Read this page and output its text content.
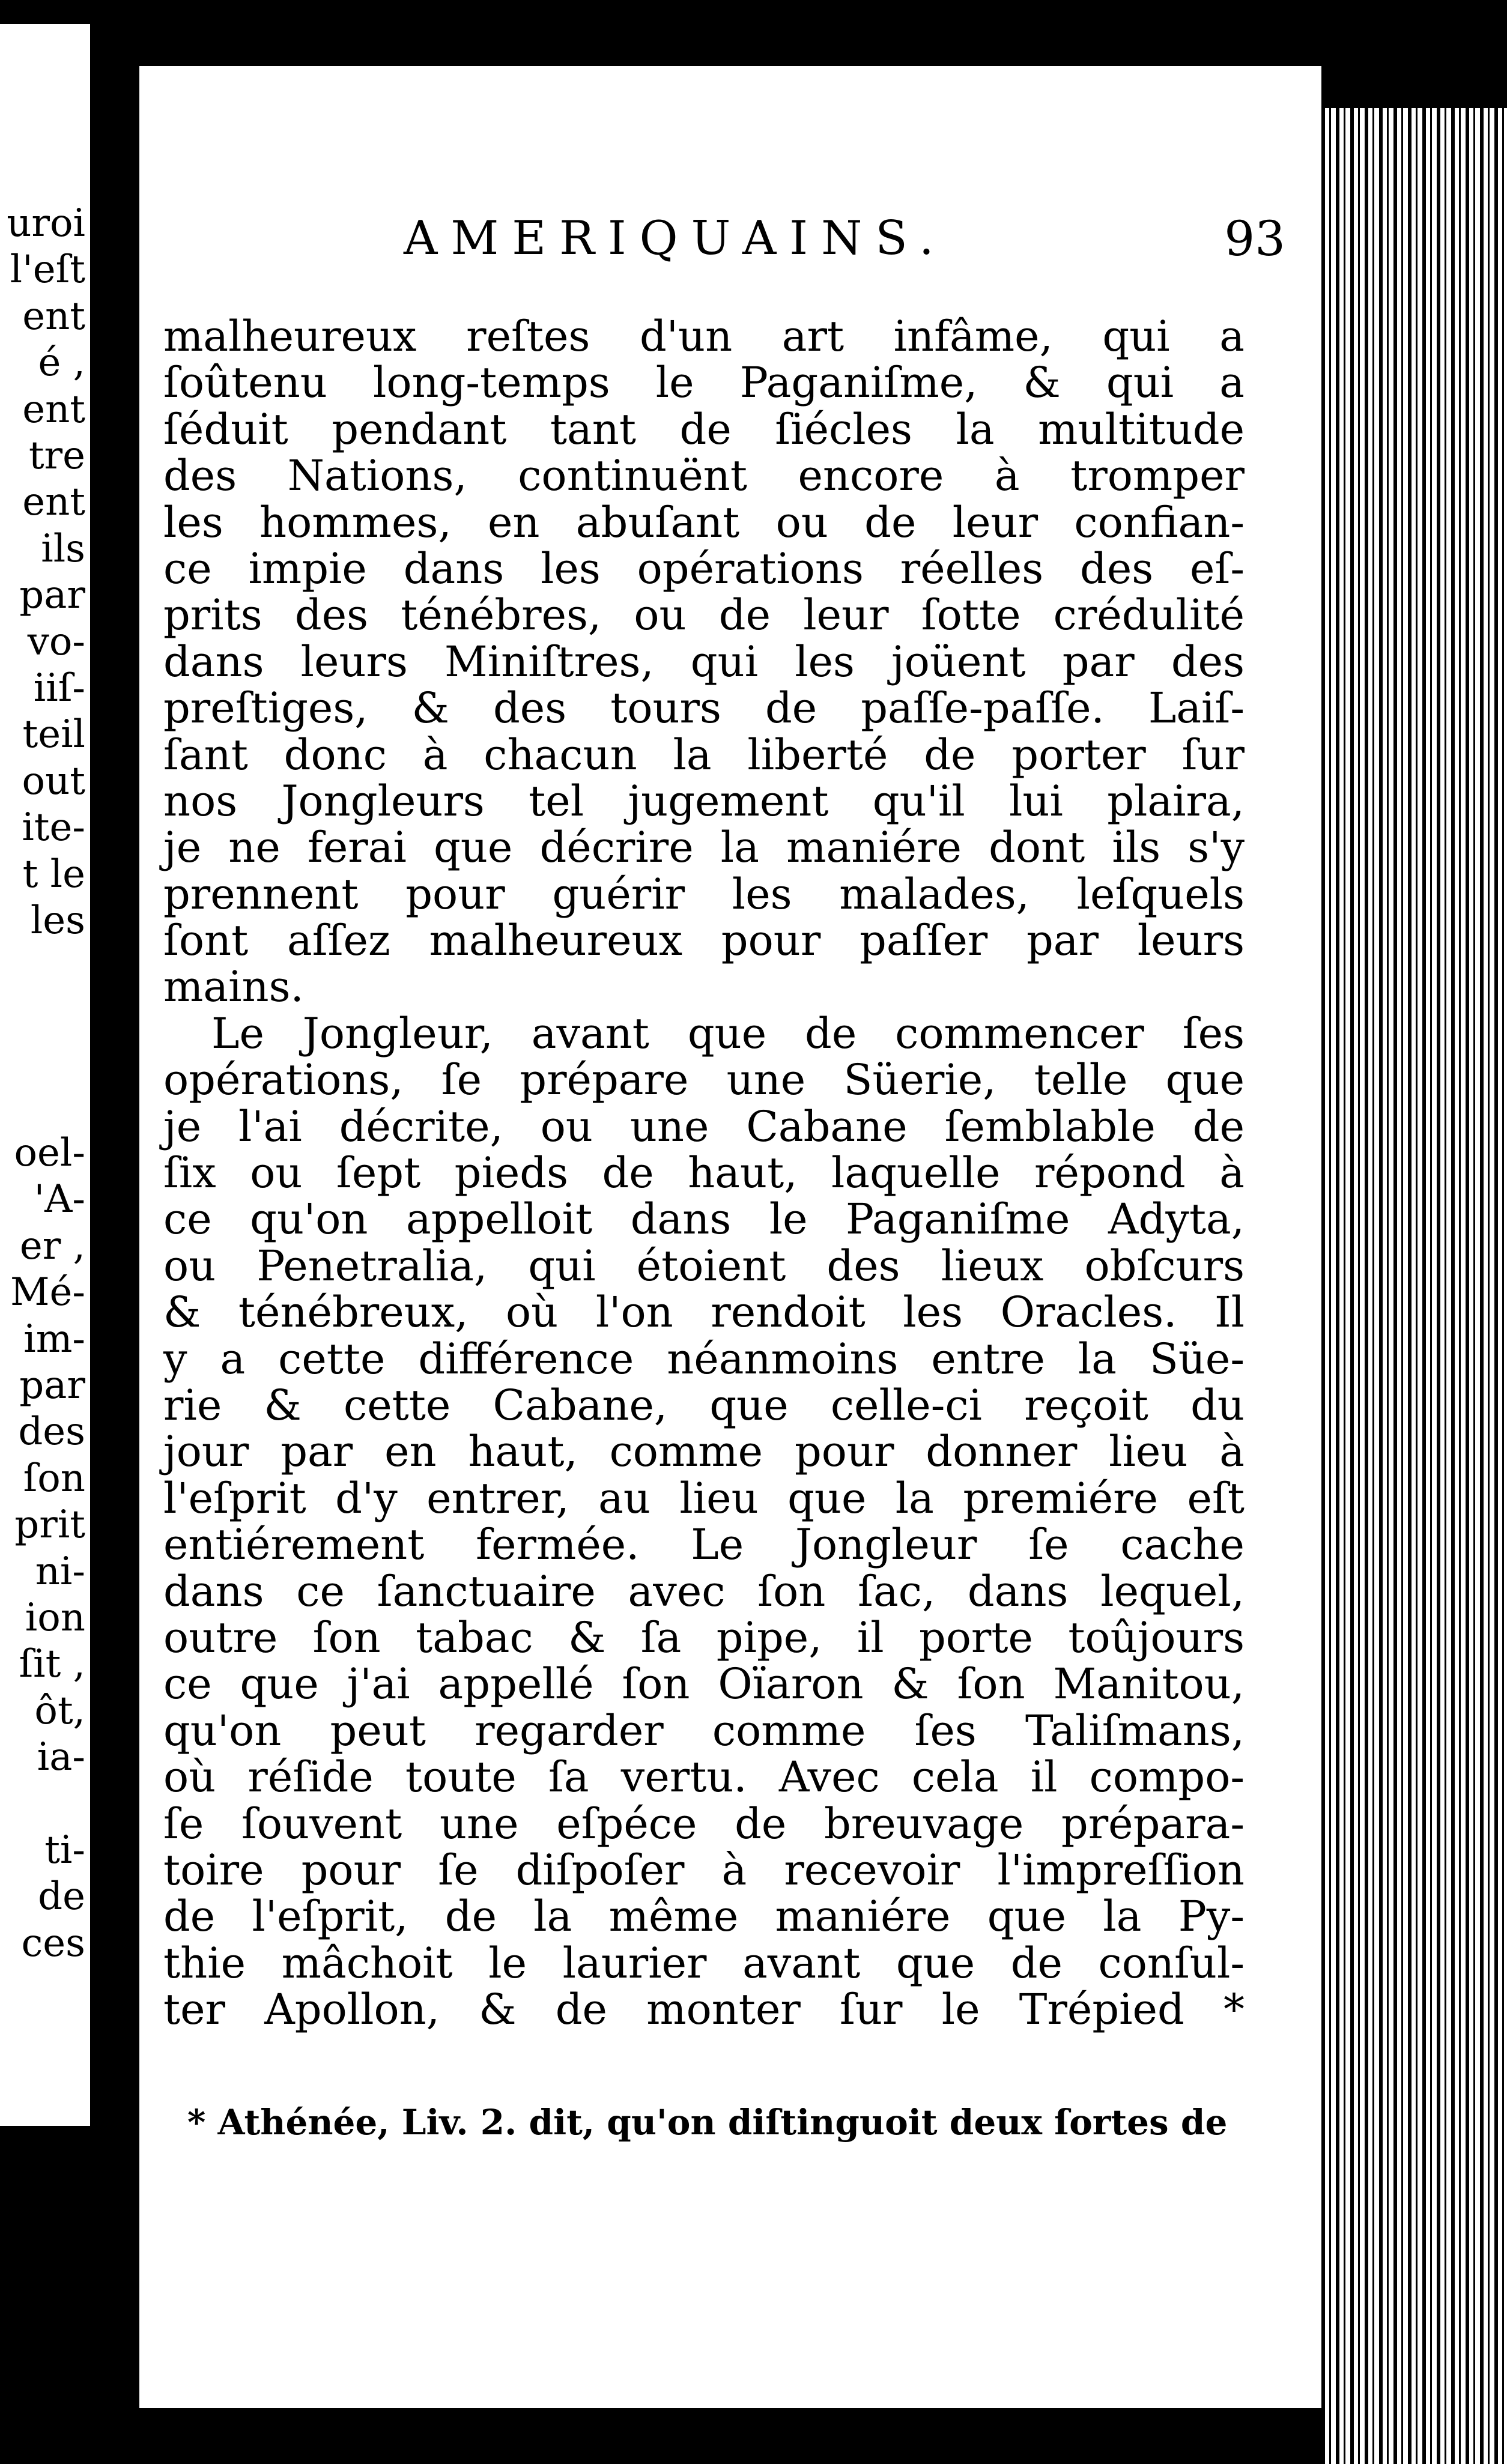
uroi
l'eſt
ent
é ,
ent
tre
ent
ils
par
vo-
iiſ-
teil
out
ite-
t le
les
oel-
'A-
er ,
Mé-
im-
par
des
ſon
prit
ni-
ion
ſit ,
ôt,
ia-
ti-
de
ces
AMERIQUAINS.	93
malheureux reſtes d'un art infâme, qui a
ſoûtenu long-temps le Paganiſme, & qui a
ſéduit pendant tant de ſiécles la multitude
des Nations, continuënt encore à tromper
les hommes, en abuſant ou de leur confian-
ce impie dans les opérations réelles des eſ-
prits des ténébres, ou de leur ſotte crédulité
dans leurs Miniſtres, qui les joüent par des
preſtiges, & des tours de paſſe-paſſe. Laiſ-
ſant donc à chacun la liberté de porter ſur
nos Jongleurs tel jugement qu'il lui plaira,
je ne ferai que décrire la maniére dont ils s'y
prennent pour guérir les malades, leſquels
ſont aſſez malheureux pour paſſer par leurs
mains.
Le Jongleur, avant que de commencer ſes
opérations, ſe prépare une Süerie, telle que
je l'ai décrite, ou une Cabane ſemblable de
ſix ou ſept pieds de haut, laquelle répond à
ce qu'on appelloit dans le Paganiſme Adyta,
ou Penetralia, qui étoient des lieux obſcurs
& ténébreux, où l'on rendoit les Oracles. Il
y a cette différence néanmoins entre la Süe-
rie & cette Cabane, que celle-ci reçoit du
jour par en haut, comme pour donner lieu à
l'eſprit d'y entrer, au lieu que la premiére eſt
entiérement fermée. Le Jongleur ſe cache
dans ce ſanctuaire avec ſon ſac, dans lequel,
outre ſon tabac & ſa pipe, il porte toûjours
ce que j'ai appellé ſon Oïaron & ſon Manitou,
qu'on peut regarder comme ſes Taliſmans,
où réſide toute ſa vertu. Avec cela il compo-
ſe ſouvent une eſpéce de breuvage prépara-
toire pour ſe diſpoſer à recevoir l'impreſſion
de l'eſprit, de la même maniére que la Py-
thie mâchoit le laurier avant que de conſul-
ter Apollon, & de monter ſur le Trépied *
* Athénée, Liv. 2. dit, qu'on diſtinguoit deux ſortes de
